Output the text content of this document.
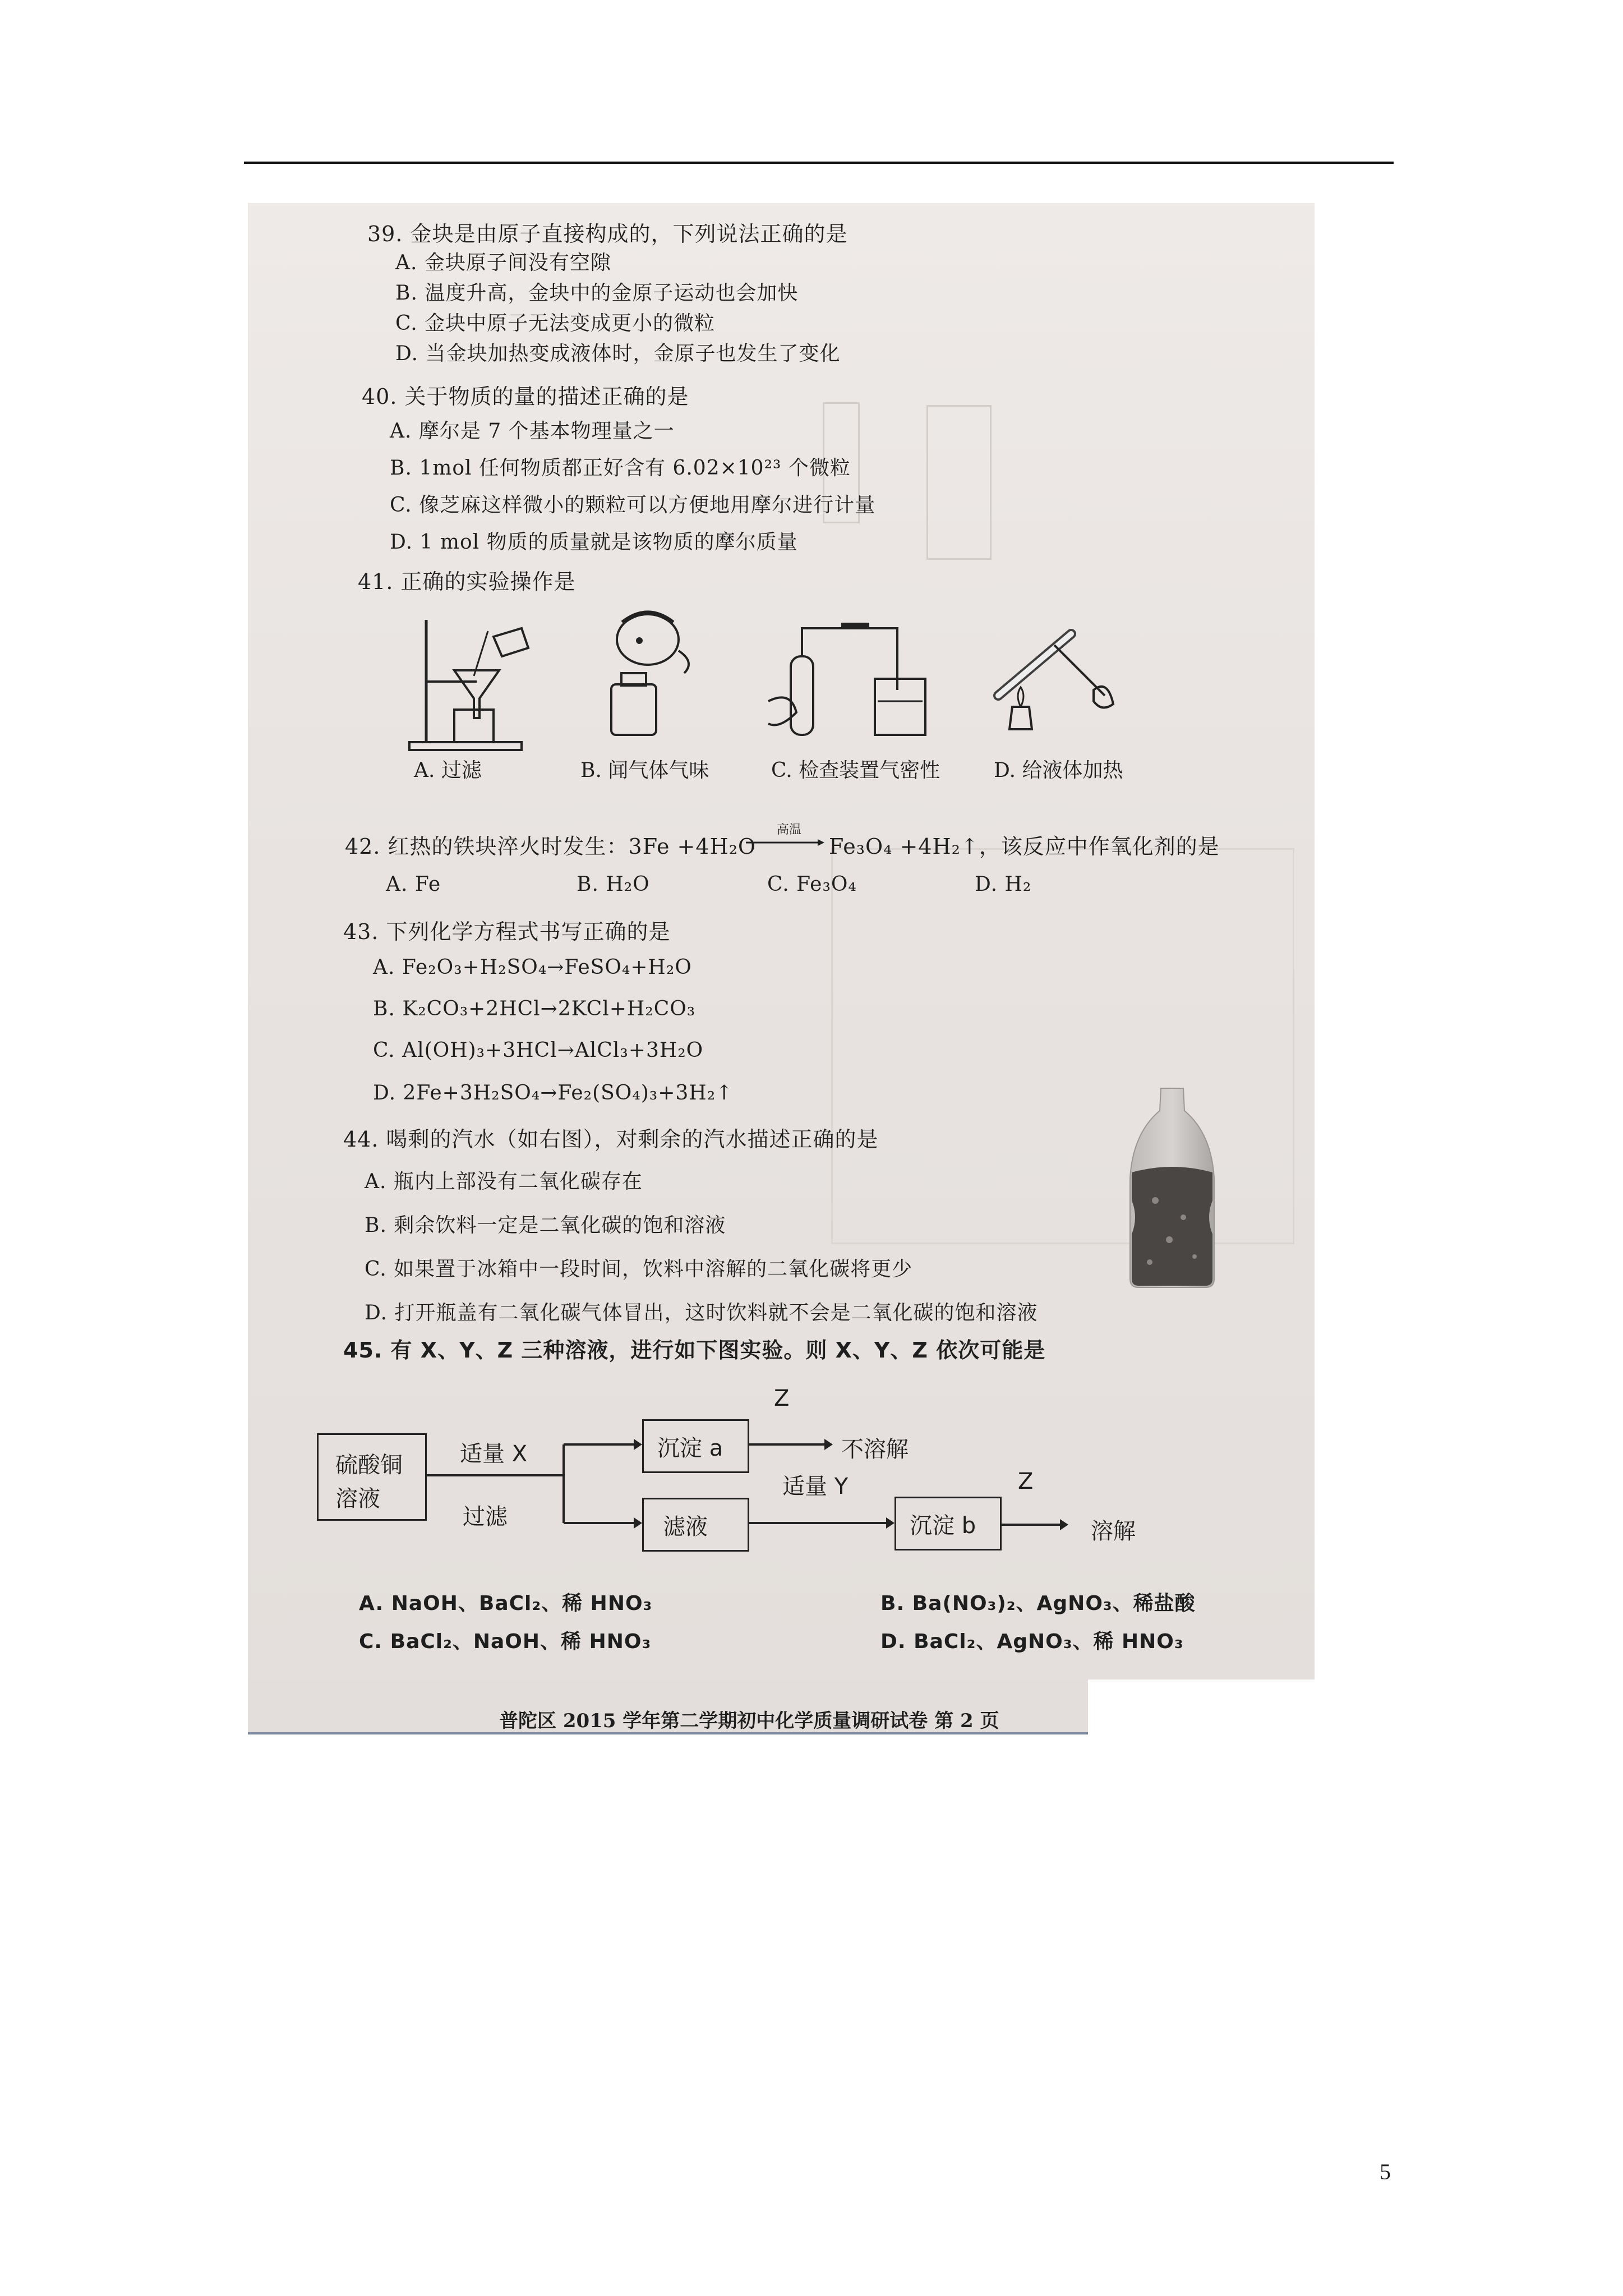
39. 金块是由原子直接构成的，下列说法正确的是
A. 金块原子间没有空隙
B. 温度升高，金块中的金原子运动也会加快
C. 金块中原子无法变成更小的微粒
D. 当金块加热变成液体时，金原子也发生了变化
40. 关于物质的量的描述正确的是
A. 摩尔是 7 个基本物理量之一
B. 1mol 任何物质都正好含有 6.02×10²³ 个微粒
C. 像芝麻这样微小的颗粒可以方便地用摩尔进行计量
D. 1 mol 物质的质量就是该物质的摩尔质量
41. 正确的实验操作是
A. 过滤	B. 闻气体气味	C. 检查装置气密性	D. 给液体加热
42. 红热的铁块淬火时发生：3Fe +4H₂O
高温
Fe₃O₄ +4H₂↑，该反应中作氧化剂的是
A. Fe	B. H₂O	C. Fe₃O₄	D. H₂
43. 下列化学方程式书写正确的是
A. Fe₂O₃+H₂SO₄→FeSO₄+H₂O
B. K₂CO₃+2HCl→2KCl+H₂CO₃
C. Al(OH)₃+3HCl→AlCl₃+3H₂O
D. 2Fe+3H₂SO₄→Fe₂(SO₄)₃+3H₂↑
44. 喝剩的汽水（如右图），对剩余的汽水描述正确的是
A. 瓶内上部没有二氧化碳存在
B. 剩余饮料一定是二氧化碳的饱和溶液
C. 如果置于冰箱中一段时间，饮料中溶解的二氧化碳将更少
D. 打开瓶盖有二氧化碳气体冒出，这时饮料就不会是二氧化碳的饱和溶液
45. 有 X、Y、Z 三种溶液，进行如下图实验。则 X、Y、Z 依次可能是
硫酸铜
溶液
适量 X
过滤
沉淀 a
Z
不溶解
滤液
适量 Y
沉淀 b
Z
溶解
A. NaOH、BaCl₂、稀 HNO₃	B. Ba(NO₃)₂、AgNO₃、稀盐酸
C. BaCl₂、NaOH、稀 HNO₃	D. BaCl₂、AgNO₃、稀 HNO₃
普陀区 2015 学年第二学期初中化学质量调研试卷 第 2 页
5
